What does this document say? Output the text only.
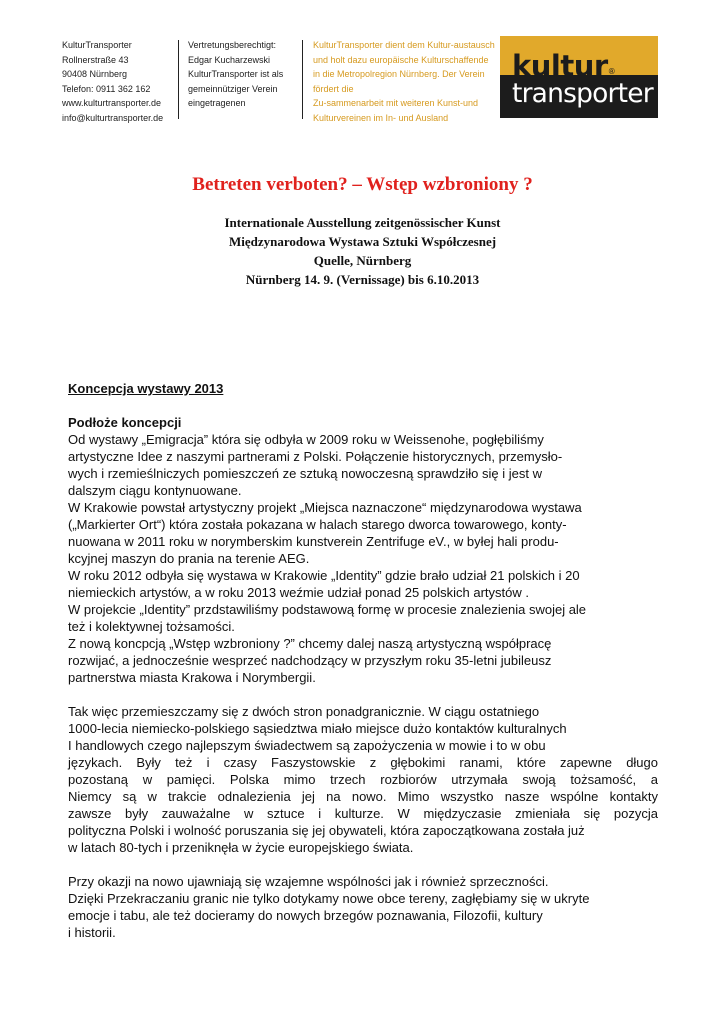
KulturTransporter
Rollnerstraße 43
90408 Nürnberg
Telefon: 0911 362 162
www.kulturtransporter.de
info@kulturtransporter.de
Vertretungsberechtigt:
Edgar Kucharzewski
KulturTransporter ist als
gemeinnütziger Verein
eingetragenen
KulturTransporter dient dem Kultur-austausch
und holt dazu europäische Kulturschaffende
in die Metropolregion Nürnberg. Der Verein
fördert die
Zu-sammenarbeit mit weiteren Kunst-und
Kulturvereinen im In- und Ausland
kultur®
transporter
Betreten verboten? – Wstęp wzbroniony ?
Internationale Ausstellung zeitgenössischer Kunst
Międzynarodowa Wystawa Sztuki Współczesnej
Quelle, Nürnberg
Nürnberg 14. 9. (Vernissage) bis 6.10.2013
Koncepcja wystawy 2013
Podłoże koncepcji
Od wystawy „Emigracja” która się odbyła w 2009 roku w Weissenohe, pogłębiliśmy
artystyczne Idee z naszymi partnerami z Polski. Połączenie historycznych, przemysło-
wych i rzemieślniczych pomieszczeń ze sztuką nowoczesną sprawdziło się i jest w
dalszym ciągu kontynuowane.
W Krakowie powstał artystyczny projekt „Miejsca naznaczone“ międzynarodowa wystawa
(„Markierter Ort“) która została pokazana w halach starego dworca towarowego, konty-
nuowana w 2011 roku w norymberskim kunstverein Zentrifuge eV., w byłej hali produ-
kcyjnej maszyn do prania na terenie AEG.
W roku 2012 odbyła się wystawa w Krakowie „Identity” gdzie brało udział 21 polskich i 20
niemieckich artystów, a w roku 2013 weźmie udział ponad 25 polskich artystów .
W projekcie „Identity” przdstawiliśmy podstawową formę w procesie znalezienia swojej ale
też i kolektywnej tożsamości.
Z nową koncpcją „Wstęp wzbroniony ?” chcemy dalej naszą artystyczną współpracę
rozwijać, a jednocześnie wesprzeć nadchodzący w przyszłym roku 35-letni jubileusz
partnerstwa miasta Krakowa i Norymbergii.
Tak więc przemieszczamy się z dwóch stron ponadgranicznie. W ciągu ostatniego
1000-lecia niemiecko-polskiego sąsiedztwa miało miejsce dużo kontaktów kulturalnych
I handlowych czego najlepszym świadectwem są zapożyczenia w mowie i to w obu
językach. Były też i czasy Faszystowskie z głębokimi ranami, które zapewne długo
pozostaną w pamięci. Polska mimo trzech rozbiorów utrzymała swoją tożsamość, a
Niemcy są w trakcie odnalezienia jej na nowo. Mimo wszystko nasze wspólne kontakty
zawsze były zauważalne w sztuce i kulturze. W międzyczasie zmieniała się pozycja
polityczna Polski i wolność poruszania się jej obywateli, która zapoczątkowana została już
w latach 80-tych i przeniknęła w życie europejskiego świata.
Przy okazji na nowo ujawniają się wzajemne wspólności jak i również sprzeczności.
Dzięki Przekraczaniu granic nie tylko dotykamy nowe obce tereny, zagłębiamy się w ukryte
emocje i tabu, ale też docieramy do nowych brzegów poznawania, Filozofii, kultury
i historii.
